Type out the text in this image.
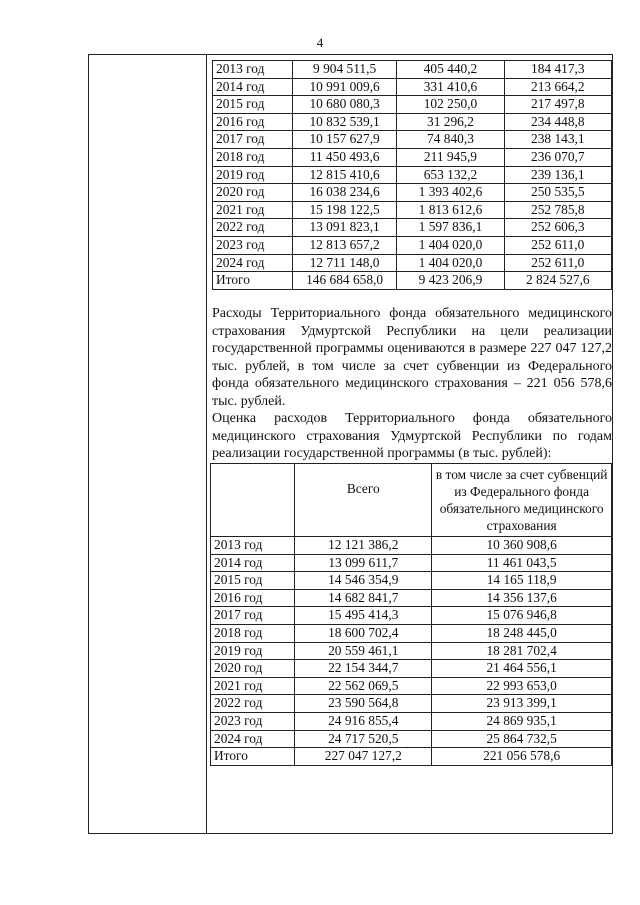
4
2013 год	9 904 511,5	405 440,2	184 417,3
2014 год	10 991 009,6	331 410,6	213 664,2
2015 год	10 680 080,3	102 250,0	217 497,8
2016 год	10 832 539,1	31 296,2	234 448,8
2017 год	10 157 627,9	74 840,3	238 143,1
2018 год	11 450 493,6	211 945,9	236 070,7
2019 год	12 815 410,6	653 132,2	239 136,1
2020 год	16 038 234,6	1 393 402,6	250 535,5
2021 год	15 198 122,5	1 813 612,6	252 785,8
2022 год	13 091 823,1	1 597 836,1	252 606,3
2023 год	12 813 657,2	1 404 020,0	252 611,0
2024 год	12 711 148,0	1 404 020,0	252 611,0
Итого	146 684 658,0	9 423 206,9	2 824 527,6
Расходы Территориального фонда обязательного медицинского страхования Удмуртской Республики на цели реализации государственной программы оцениваются в размере 227 047 127,2 тыс. рублей, в том числе за счет субвенции из Федерального фонда обязательного медицинского страхования – 221 056 578,6 тыс. рублей.
Оценка расходов Территориального фонда обязательного медицинского страхования Удмуртской Республики по годам реализации государственной программы (в тыс. рублей):
	Всего	в том числе за счет субвенций из Федерального фонда обязательного медицинского страхования
2013 год	12 121 386,2	10 360 908,6
2014 год	13 099 611,7	11 461 043,5
2015 год	14 546 354,9	14 165 118,9
2016 год	14 682 841,7	14 356 137,6
2017 год	15 495 414,3	15 076 946,8
2018 год	18 600 702,4	18 248 445,0
2019 год	20 559 461,1	18 281 702,4
2020 год	22 154 344,7	21 464 556,1
2021 год	22 562 069,5	22 993 653,0
2022 год	23 590 564,8	23 913 399,1
2023 год	24 916 855,4	24 869 935,1
2024 год	24 717 520,5	25 864 732,5
Итого	227 047 127,2	221 056 578,6
